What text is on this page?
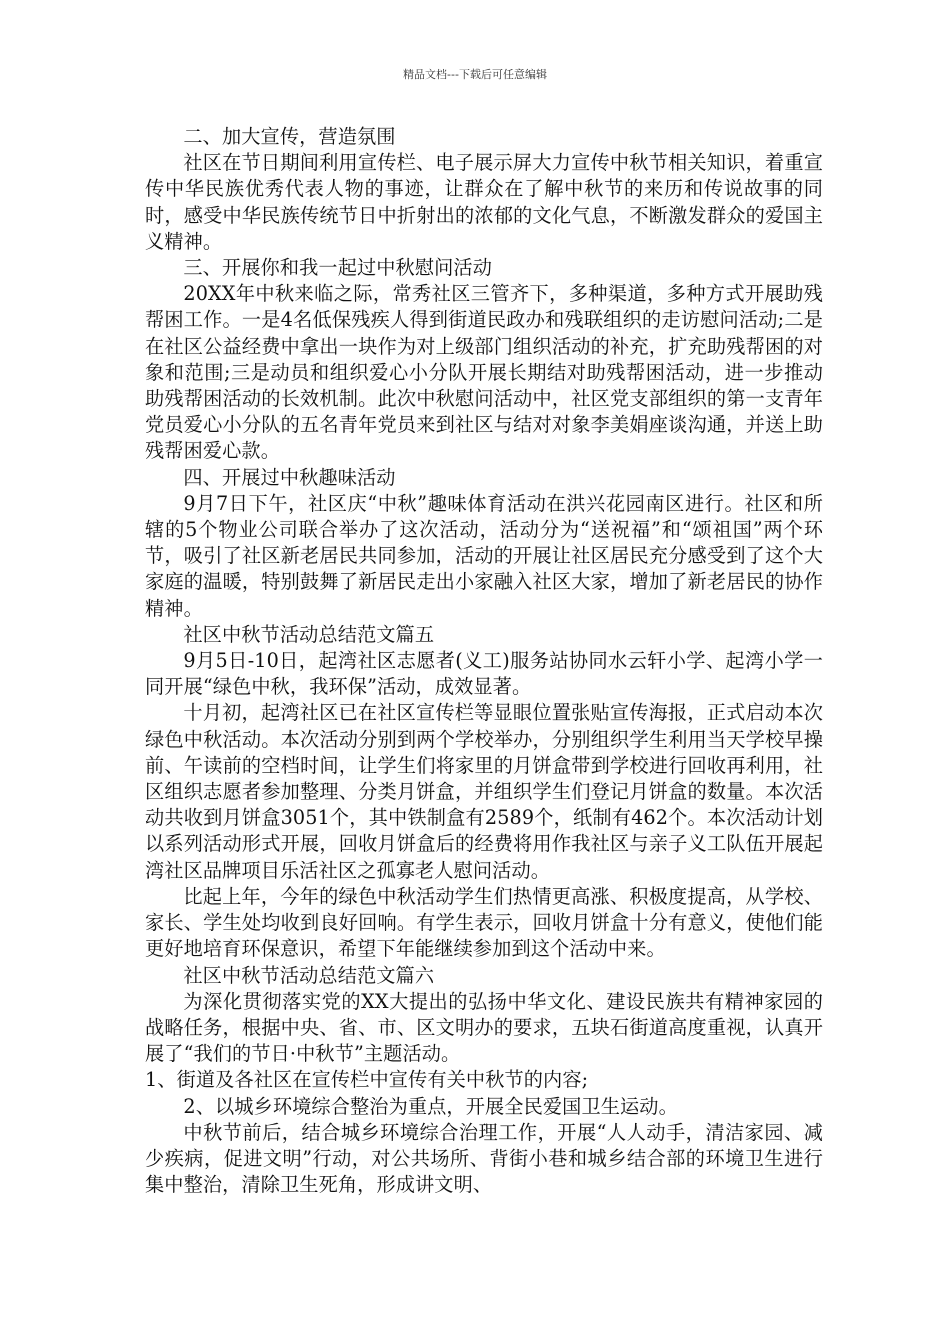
精品文档---下载后可任意编辑

二、加大宣传，营造氛围

社区在节日期间利用宣传栏、电子展示屏大力宣传中秋节相关知识，着重宣传中华民族优秀代表人物的事迹，让群众在了解中秋节的来历和传说故事的同时，感受中华民族传统节日中折射出的浓郁的文化气息，不断激发群众的爱国主义精神。

三、开展你和我一起过中秋慰问活动

20XX年中秋来临之际，常秀社区三管齐下，多种渠道，多种方式开展助残帮困工作。一是4名低保残疾人得到街道民政办和残联组织的走访慰问活动;二是在社区公益经费中拿出一块作为对上级部门组织活动的补充，扩充助残帮困的对象和范围;三是动员和组织爱心小分队开展长期结对助残帮困活动，进一步推动助残帮困活动的长效机制。此次中秋慰问活动中，社区党支部组织的第一支青年党员爱心小分队的五名青年党员来到社区与结对对象李美娟座谈沟通，并送上助残帮困爱心款。

四、开展过中秋趣味活动

9月7日下午，社区庆“中秋”趣味体育活动在洪兴花园南区进行。社区和所辖的5个物业公司联合举办了这次活动，活动分为“送祝福”和“颂祖国”两个环节，吸引了社区新老居民共同参加，活动的开展让社区居民充分感受到了这个大家庭的温暖，特别鼓舞了新居民走出小家融入社区大家，增加了新老居民的协作精神。

社区中秋节活动总结范文篇五

9月5日-10日，起湾社区志愿者(义工)服务站协同水云轩小学、起湾小学一同开展“绿色中秋，我环保”活动，成效显著。

十月初，起湾社区已在社区宣传栏等显眼位置张贴宣传海报，正式启动本次绿色中秋活动。本次活动分别到两个学校举办，分别组织学生利用当天学校早操前、午读前的空档时间，让学生们将家里的月饼盒带到学校进行回收再利用，社区组织志愿者参加整理、分类月饼盒，并组织学生们登记月饼盒的数量。本次活动共收到月饼盒3051个，其中铁制盒有2589个，纸制有462个。本次活动计划以系列活动形式开展，回收月饼盒后的经费将用作我社区与亲子义工队伍开展起湾社区品牌项目乐活社区之孤寡老人慰问活动。

比起上年，今年的绿色中秋活动学生们热情更高涨、积极度提高，从学校、家长、学生处均收到良好回响。有学生表示，回收月饼盒十分有意义，使他们能更好地培育环保意识，希望下年能继续参加到这个活动中来。

社区中秋节活动总结范文篇六

为深化贯彻落实党的XX大提出的弘扬中华文化、建设民族共有精神家园的战略任务，根据中央、省、市、区文明办的要求，五块石街道高度重视，认真开展了“我们的节日·中秋节”主题活动。

1、街道及各社区在宣传栏中宣传有关中秋节的内容;

2、以城乡环境综合整治为重点，开展全民爱国卫生运动。

中秋节前后，结合城乡环境综合治理工作，开展“人人动手，清洁家园、减少疾病，促进文明”行动，对公共场所、背街小巷和城乡结合部的环境卫生进行集中整治，清除卫生死角，形成讲文明、
